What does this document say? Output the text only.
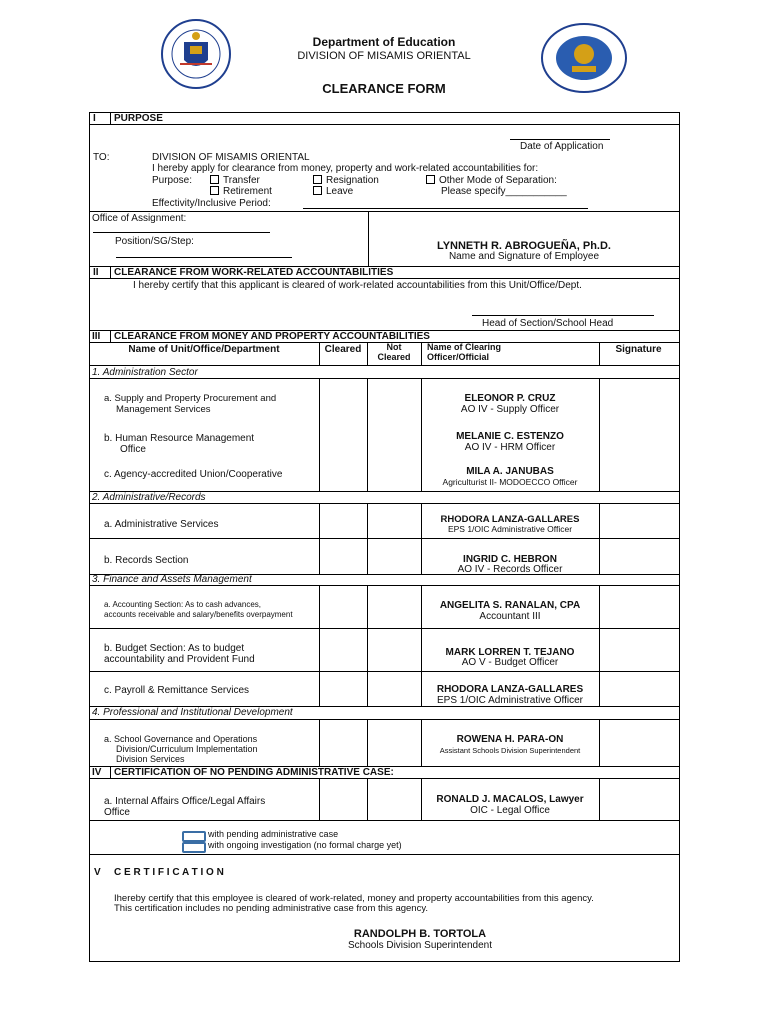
Department of Education
DIVISION OF MISAMIS ORIENTAL
CLEARANCE FORM
I PURPOSE
Date of Application
TO:	DIVISION OF MISAMIS ORIENTAL
I hereby apply for clearance from money, property and work-related accountabilities for:
Purpose:	Transfer	Resignation	Other Mode of Separation:
Retirement	Leave	Please specify___________
Effectivity/Inclusive Period:
Office of Assignment:
Position/SG/Step:	LYNNETH R. ABROGUEÑA, Ph.D.
Name and Signature of Employee
II CLEARANCE FROM WORK-RELATED ACCOUNTABILITIES
I hereby certify that this applicant is cleared of work-related accountabilities from this Unit/Office/Dept.
Head of Section/School Head
III CLEARANCE FROM MONEY AND PROPERTY ACCOUNTABILITIES
Name of Unit/Office/Department	Cleared	Not
Cleared
Name of Clearing
Officer/Official
Signature
1. Administration Sector
a. Supply and Property Procurement and
Management Services
ELEONOR P. CRUZ
AO IV - Supply Officer
b. Human Resource Management
Office
MELANIE C. ESTENZO
AO IV - HRM Officer
c. Agency-accredited Union/Cooperative	MILA A. JANUBAS
Agriculturist II- MODOECCO Officer
2. Administrative/Records
a. Administrative Services	RHODORA LANZA-GALLARES
EPS 1/OIC Administrative Officer
b. Records Section	INGRID C. HEBRON
AO IV - Records Officer
3. Finance and Assets Management
a. Accounting Section: As to cash advances,
accounts receivable and salary/benefits overpayment
ANGELITA S. RANALAN, CPA
Accountant III
b. Budget Section: As to budget
accountability and Provident Fund
MARK LORREN T. TEJANO
AO V - Budget Officer
c. Payroll & Remittance Services	RHODORA LANZA-GALLARES
EPS 1/OIC Administrative Officer
4. Professional and Institutional Development
a. School Governance and Operations
Division/Curriculum Implementation
Division Services
ROWENA H. PARA-ON
Assistant Schools Division Superintendent
IV CERTIFICATION OF NO PENDING ADMINISTRATIVE CASE:
a. Internal Affairs Office/Legal Affairs
Office
RONALD J. MACALOS, Lawyer
OIC - Legal Office
with pending administrative case
with ongoing investigation (no formal charge yet)
V C E R T I F I C A T I O N
Ihereby certify that this employee is cleared of work-related, money and property accountabilities from this agency.
This certification includes no pending administrative case from this agency.
RANDOLPH B. TORTOLA
Schools Division Superintendent
